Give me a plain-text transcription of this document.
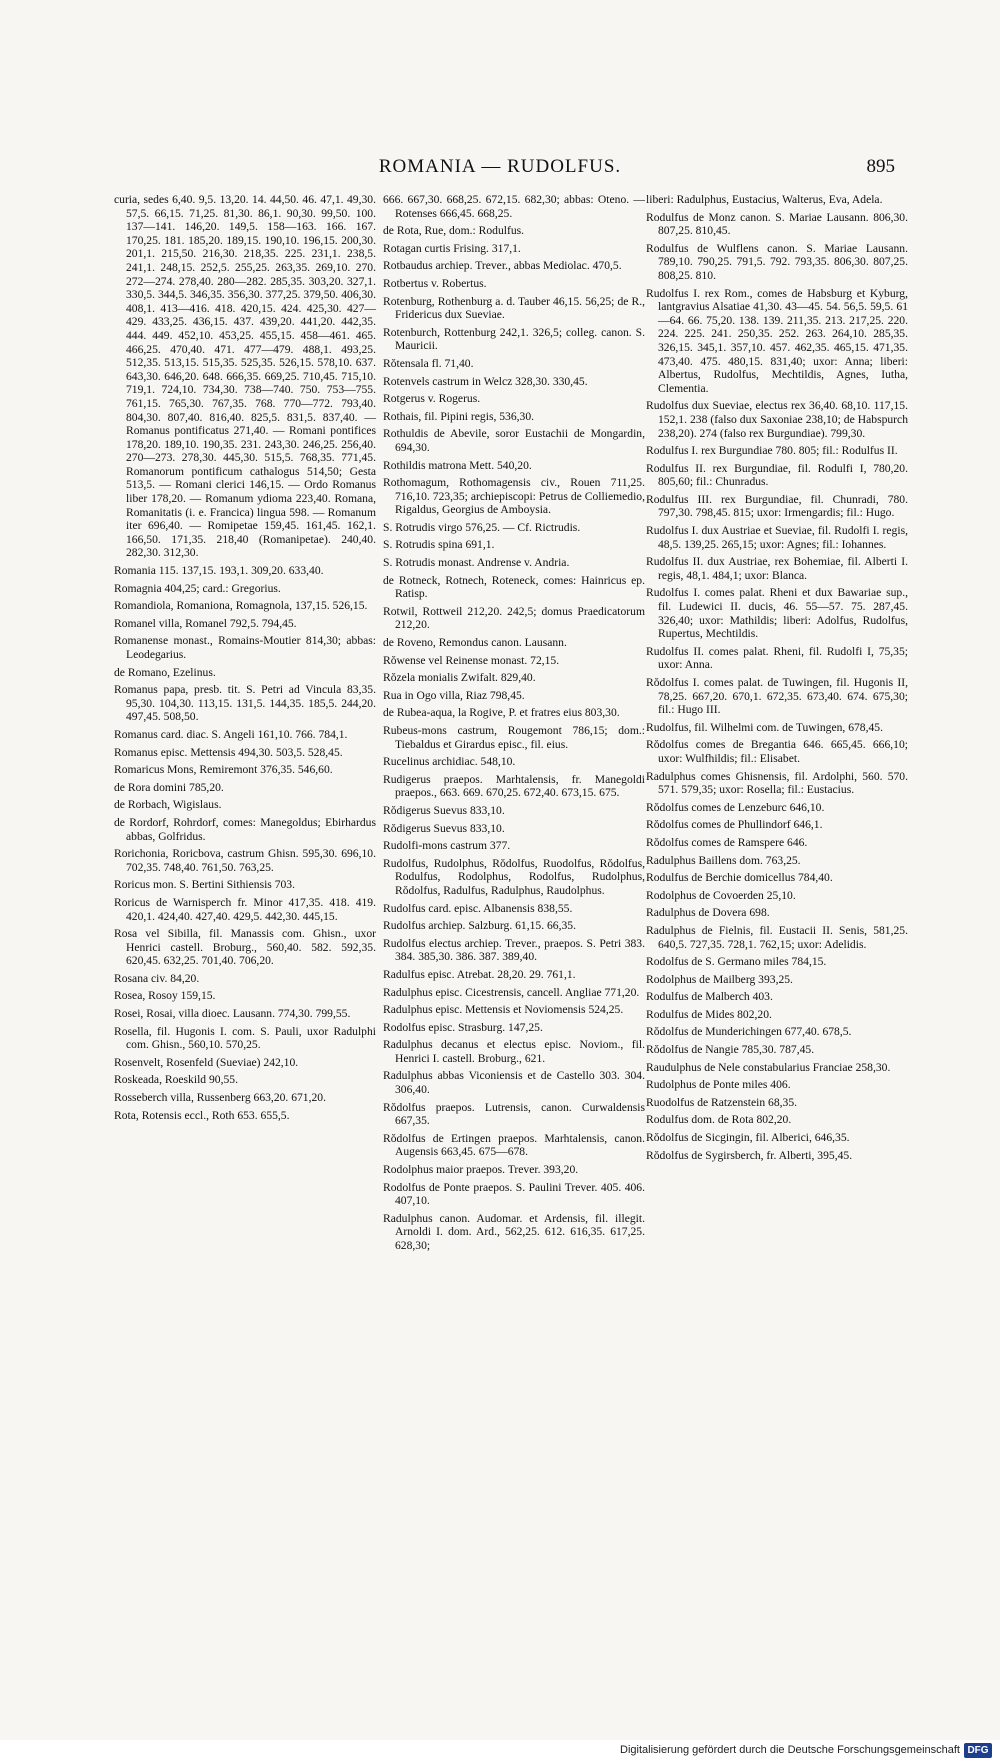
ROMANIA — RUDOLFUS.	895

curia, sedes 6,40. 9,5. 13,20. 14. 44,50. 46. 47,1. 49,30. 57,5. 66,15. 71,25. 81,30. 86,1. 90,30. 99,50. 100. 137—141. 146,20. 149,5. 158—163. 166. 167. 170,25. 181. 185,20. 189,15. 190,10. 196,15. 200,30. 201,1. 215,50. 216,30. 218,35. 225. 231,1. 238,5. 241,1. 248,15. 252,5. 255,25. 263,35. 269,10. 270. 272—274. 278,40. 280—282. 285,35. 303,20. 327,1. 330,5. 344,5. 346,35. 356,30. 377,25. 379,50. 406,30. 408,1. 413—416. 418. 420,15. 424. 425,30. 427—429. 433,25. 436,15. 437. 439,20. 441,20. 442,35. 444. 449. 452,10. 453,25. 455,15. 458—461. 465. 466,25. 470,40. 471. 477—479. 488,1. 493,25. 512,35. 513,15. 515,35. 525,35. 526,15. 578,10. 637. 643,30. 646,20. 648. 666,35. 669,25. 710,45. 715,10. 719,1. 724,10. 734,30. 738—740. 750. 753—755. 761,15. 765,30. 767,35. 768. 770—772. 793,40. 804,30. 807,40. 816,40. 825,5. 831,5. 837,40. — Romanus pontificatus 271,40. — Romani pontifices 178,20. 189,10. 190,35. 231. 243,30. 246,25. 256,40. 270—273. 278,30. 445,30. 515,5. 768,35. 771,45. Romanorum pontificum cathalogus 514,50; Gesta 513,5. — Romani clerici 146,15. — Ordo Romanus liber 178,20. — Romanum ydioma 223,40. Romana, Romanitatis (i. e. Francica) lingua 598. — Romanum iter 696,40. — Romipetae 159,45. 161,45. 162,1. 166,50. 171,35. 218,40 (Romanipetae). 240,40. 282,30. 312,30.

Romania 115. 137,15. 193,1. 309,20. 633,40.

Romagnia 404,25; card.: Gregorius.

Romandiola, Romaniona, Romagnola, 137,15. 526,15.

Romanel villa, Romanel 792,5. 794,45.

Romanense monast., Romains-Moutier 814,30; abbas: Leodegarius.

de Romano, Ezelinus.

Romanus papa, presb. tit. S. Petri ad Vincula 83,35. 95,30. 104,30. 113,15. 131,5. 144,35. 185,5. 244,20. 497,45. 508,50.

Romanus card. diac. S. Angeli 161,10. 766. 784,1.

Romanus episc. Mettensis 494,30. 503,5. 528,45.

Romaricus Mons, Remiremont 376,35. 546,60.

de Rora domini 785,20.

de Rorbach, Wigislaus.

de Rordorf, Rohrdorf, comes: Manegoldus; Ebirhardus abbas, Golfridus.

Rorichonia, Roricbova, castrum Ghisn. 595,30. 696,10. 702,35. 748,40. 761,50. 763,25.

Roricus mon. S. Bertini Sithiensis 703.

Roricus de Warnisperch fr. Minor 417,35. 418. 419. 420,1. 424,40. 427,40. 429,5. 442,30. 445,15.

Rosa vel Sibilla, fil. Manassis com. Ghisn., uxor Henrici castell. Broburg., 560,40. 582. 592,35. 620,45. 632,25. 701,40. 706,20.

Rosana civ. 84,20.

Rosea, Rosoy 159,15.

Rosei, Rosai, villa dioec. Lausann. 774,30. 799,55.

Rosella, fil. Hugonis I. com. S. Pauli, uxor Radulphi com. Ghisn., 560,10. 570,25.

Rosenvelt, Rosenfeld (Sueviae) 242,10.

Roskeada, Roeskild 90,55.

Rosseberch villa, Russenberg 663,20. 671,20.

Rota, Rotensis eccl., Roth 653. 655,5.

666. 667,30. 668,25. 672,15. 682,30; abbas: Oteno. — Rotenses 666,45. 668,25.

de Rota, Rue, dom.: Rodulfus.

Rotagan curtis Frising. 317,1.

Rotbaudus archiep. Trever., abbas Mediolac. 470,5.

Rotbertus v. Robertus.

Rotenburg, Rothenburg a. d. Tauber 46,15. 56,25; de R., Fridericus dux Sueviae.

Rotenburch, Rottenburg 242,1. 326,5; colleg. canon. S. Mauricii.

Rŏtensala fl. 71,40.

Rotenvels castrum in Welcz 328,30. 330,45.

Rotgerus v. Rogerus.

Rothais, fil. Pipini regis, 536,30.

Rothuldis de Abevile, soror Eustachii de Mongardin, 694,30.

Rothildis matrona Mett. 540,20.

Rothomagum, Rothomagensis civ., Rouen 711,25. 716,10. 723,35; archiepiscopi: Petrus de Colliemedio, Rigaldus, Georgius de Amboysia.

S. Rotrudis virgo 576,25. — Cf. Rictrudis.

S. Rotrudis spina 691,1.

S. Rotrudis monast. Andrense v. Andria.

de Rotneck, Rotnech, Roteneck, comes: Hainricus ep. Ratisp.

Rotwil, Rottweil 212,20. 242,5; domus Praedicatorum 212,20.

de Roveno, Remondus canon. Lausann.

Rŏwense vel Reinense monast. 72,15.

Rŏzela monialis Zwifalt. 829,40.

Rua in Ogo villa, Riaz 798,45.

de Rubea-aqua, la Rogive, P. et fratres eius 803,30.

Rubeus-mons castrum, Rougemont 786,15; dom.: Tiebaldus et Girardus episc., fil. eius.

Rucelinus archidiac. 548,10.

Rudigerus praepos. Marhtalensis, fr. Manegoldi praepos., 663. 669. 670,25. 672,40. 673,15. 675.

Rŏdigerus Suevus 833,10.

Rŏdigerus Suevus 833,10.

Rudolfi-mons castrum 377.

Rudolfus, Rudolphus, Rŏdolfus, Ruodolfus, Rŏdolfus, Rodulfus, Rodolphus, Rodolfus, Rudolphus, Rŏdolfus, Radulfus, Radulphus, Raudolphus.

Rudolfus card. episc. Albanensis 838,55.

Rudolfus archiep. Salzburg. 61,15. 66,35.

Rudolfus electus archiep. Trever., praepos. S. Petri 383. 384. 385,30. 386. 387. 389,40.

Radulfus episc. Atrebat. 28,20. 29. 761,1.

Radulphus episc. Cicestrensis, cancell. Angliae 771,20.

Radulphus episc. Mettensis et Noviomensis 524,25.

Rodolfus episc. Strasburg. 147,25.

Radulphus decanus et electus episc. Noviom., fil. Henrici I. castell. Broburg., 621.

Radulphus abbas Viconiensis et de Castello 303. 304. 306,40.

Rŏdolfus praepos. Lutrensis, canon. Curwaldensis 667,35.

Rŏdolfus de Ertingen praepos. Marhtalensis, canon. Augensis 663,45. 675—678.

Rodolphus maior praepos. Trever. 393,20.

Rodolfus de Ponte praepos. S. Paulini Trever. 405. 406. 407,10.

Radulphus canon. Audomar. et Ardensis, fil. illegit. Arnoldi I. dom. Ard., 562,25. 612. 616,35. 617,25. 628,30;

liberi: Radulphus, Eustacius, Walterus, Eva, Adela.

Rodulfus de Monz canon. S. Mariae Lausann. 806,30. 807,25. 810,45.

Rodulfus de Wulflens canon. S. Mariae Lausann. 789,10. 790,25. 791,5. 792. 793,35. 806,30. 807,25. 808,25. 810.

Rudolfus I. rex Rom., comes de Habsburg et Kyburg, lantgravius Alsatiae 41,30. 43—45. 54. 56,5. 59,5. 61—64. 66. 75,20. 138. 139. 211,35. 213. 217,25. 220. 224. 225. 241. 250,35. 252. 263. 264,10. 285,35. 326,15. 345,1. 357,10. 457. 462,35. 465,15. 471,35. 473,40. 475. 480,15. 831,40; uxor: Anna; liberi: Albertus, Rudolfus, Mechtildis, Agnes, Iutha, Clementia.

Rudolfus dux Sueviae, electus rex 36,40. 68,10. 117,15. 152,1. 238 (falso dux Saxoniae 238,10; de Habspurch 238,20). 274 (falso rex Burgundiae). 799,30.

Rodulfus I. rex Burgundiae 780. 805; fil.: Rodulfus II.

Rodulfus II. rex Burgundiae, fil. Rodulfi I, 780,20. 805,60; fil.: Chunradus.

Rodulfus III. rex Burgundiae, fil. Chunradi, 780. 797,30. 798,45. 815; uxor: Irmengardis; fil.: Hugo.

Rudolfus I. dux Austriae et Sueviae, fil. Rudolfi I. regis, 48,5. 139,25. 265,15; uxor: Agnes; fil.: Iohannes.

Rudolfus II. dux Austriae, rex Bohemiae, fil. Alberti I. regis, 48,1. 484,1; uxor: Blanca.

Rudolfus I. comes palat. Rheni et dux Bawariae sup., fil. Ludewici II. ducis, 46. 55—57. 75. 287,45. 326,40; uxor: Mathildis; liberi: Adolfus, Rudolfus, Rupertus, Mechtildis.

Rudolfus II. comes palat. Rheni, fil. Rudolfi I, 75,35; uxor: Anna.

Rŏdolfus I. comes palat. de Tuwingen, fil. Hugonis II, 78,25. 667,20. 670,1. 672,35. 673,40. 674. 675,30; fil.: Hugo III.

Rudolfus, fil. Wilhelmi com. de Tuwingen, 678,45.

Rŏdolfus comes de Bregantia 646. 665,45. 666,10; uxor: Wulfhildis; fil.: Elisabet.

Radulphus comes Ghisnensis, fil. Ardolphi, 560. 570. 571. 579,35; uxor: Rosella; fil.: Eustacius.

Rŏdolfus comes de Lenzeburc 646,10.

Rŏdolfus comes de Phullindorf 646,1.

Rŏdolfus comes de Ramspere 646.

Radulphus Baillens dom. 763,25.

Rodulfus de Berchie domicellus 784,40.

Rodolphus de Covoerden 25,10.

Radulphus de Dovera 698.

Radulphus de Fielnis, fil. Eustacii II. Senis, 581,25. 640,5. 727,35. 728,1. 762,15; uxor: Adelidis.

Rodolfus de S. Germano miles 784,15.

Rodolphus de Mailberg 393,25.

Rodulfus de Malberch 403.

Rodulfus de Mides 802,20.

Rŏdolfus de Munderichingen 677,40. 678,5.

Rŏdolfus de Nangie 785,30. 787,45.

Raudulphus de Nele constabularius Franciae 258,30.

Rudolphus de Ponte miles 406.

Ruodolfus de Ratzenstein 68,35.

Rodulfus dom. de Rota 802,20.

Rŏdolfus de Sicgingin, fil. Alberici, 646,35.

Rŏdolfus de Sygirsberch, fr. Alberti, 395,45.

Digitalisierung gefördert durch die Deutsche Forschungsgemeinschaft DFG
